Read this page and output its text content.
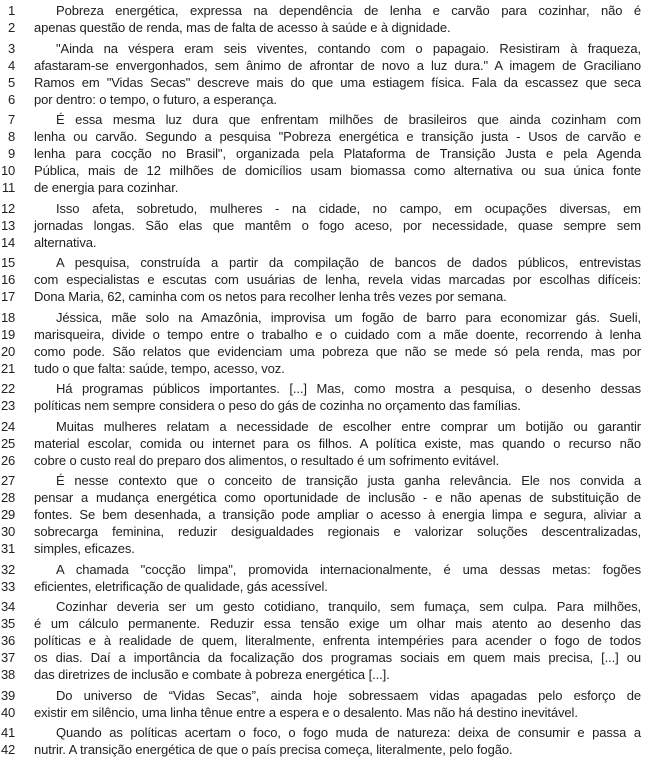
1	Pobreza energética, expressa na dependência de lenha e carvão para cozinhar, não é
2 apenas questão de renda, mas de falta de acesso à saúde e à dignidade.
3	"Ainda na véspera eram seis viventes, contando com o papagaio. Resistiram à fraqueza,
4 afastaram-se envergonhados, sem ânimo de afrontar de novo a luz dura." A imagem de Graciliano
5 Ramos em "Vidas Secas" descreve mais do que uma estiagem física. Fala da escassez que seca
6 por dentro: o tempo, o futuro, a esperança.
7	É essa mesma luz dura que enfrentam milhões de brasileiros que ainda cozinham com
8 lenha ou carvão. Segundo a pesquisa "Pobreza energética e transição justa - Usos de carvão e
9 lenha para cocção no Brasil", organizada pela Plataforma de Transição Justa e pela Agenda
10 Pública, mais de 12 milhões de domicílios usam biomassa como alternativa ou sua única fonte
11 de energia para cozinhar.
12	Isso afeta, sobretudo, mulheres - na cidade, no campo, em ocupações diversas, em
13 jornadas longas. São elas que mantêm o fogo aceso, por necessidade, quase sempre sem
14 alternativa.
15	A pesquisa, construída a partir da compilação de bancos de dados públicos, entrevistas
16 com especialistas e escutas com usuárias de lenha, revela vidas marcadas por escolhas difíceis:
17 Dona Maria, 62, caminha com os netos para recolher lenha três vezes por semana.
18	Jéssica, mãe solo na Amazônia, improvisa um fogão de barro para economizar gás. Sueli,
19 marisqueira, divide o tempo entre o trabalho e o cuidado com a mãe doente, recorrendo à lenha
20 como pode. São relatos que evidenciam uma pobreza que não se mede só pela renda, mas por
21 tudo o que falta: saúde, tempo, acesso, voz.
22	Há programas públicos importantes. [...] Mas, como mostra a pesquisa, o desenho dessas
23 políticas nem sempre considera o peso do gás de cozinha no orçamento das famílias.
24	Muitas mulheres relatam a necessidade de escolher entre comprar um botijão ou garantir
25 material escolar, comida ou internet para os filhos. A política existe, mas quando o recurso não
26 cobre o custo real do preparo dos alimentos, o resultado é um sofrimento evitável.
27	É nesse contexto que o conceito de transição justa ganha relevância. Ele nos convida a
28 pensar a mudança energética como oportunidade de inclusão - e não apenas de substituição de
29 fontes. Se bem desenhada, a transição pode ampliar o acesso à energia limpa e segura, aliviar a
30 sobrecarga feminina, reduzir desigualdades regionais e valorizar soluções descentralizadas,
31 simples, eficazes.
32	A chamada "cocção limpa", promovida internacionalmente, é uma dessas metas: fogões
33 eficientes, eletrificação de qualidade, gás acessível.
34	Cozinhar deveria ser um gesto cotidiano, tranquilo, sem fumaça, sem culpa. Para milhões,
35 é um cálculo permanente. Reduzir essa tensão exige um olhar mais atento ao desenho das
36 políticas e à realidade de quem, literalmente, enfrenta intempéries para acender o fogo de todos
37 os dias. Daí a importância da focalização dos programas sociais em quem mais precisa, [...] ou
38 das diretrizes de inclusão e combate à pobreza energética [...].
39	Do universo de “Vidas Secas”, ainda hoje sobressaem vidas apagadas pelo esforço de
40 existir em silêncio, uma linha tênue entre a espera e o desalento. Mas não há destino inevitável.
41	Quando as políticas acertam o foco, o fogo muda de natureza: deixa de consumir e passa a
42 nutrir. A transição energética de que o país precisa começa, literalmente, pelo fogão.
